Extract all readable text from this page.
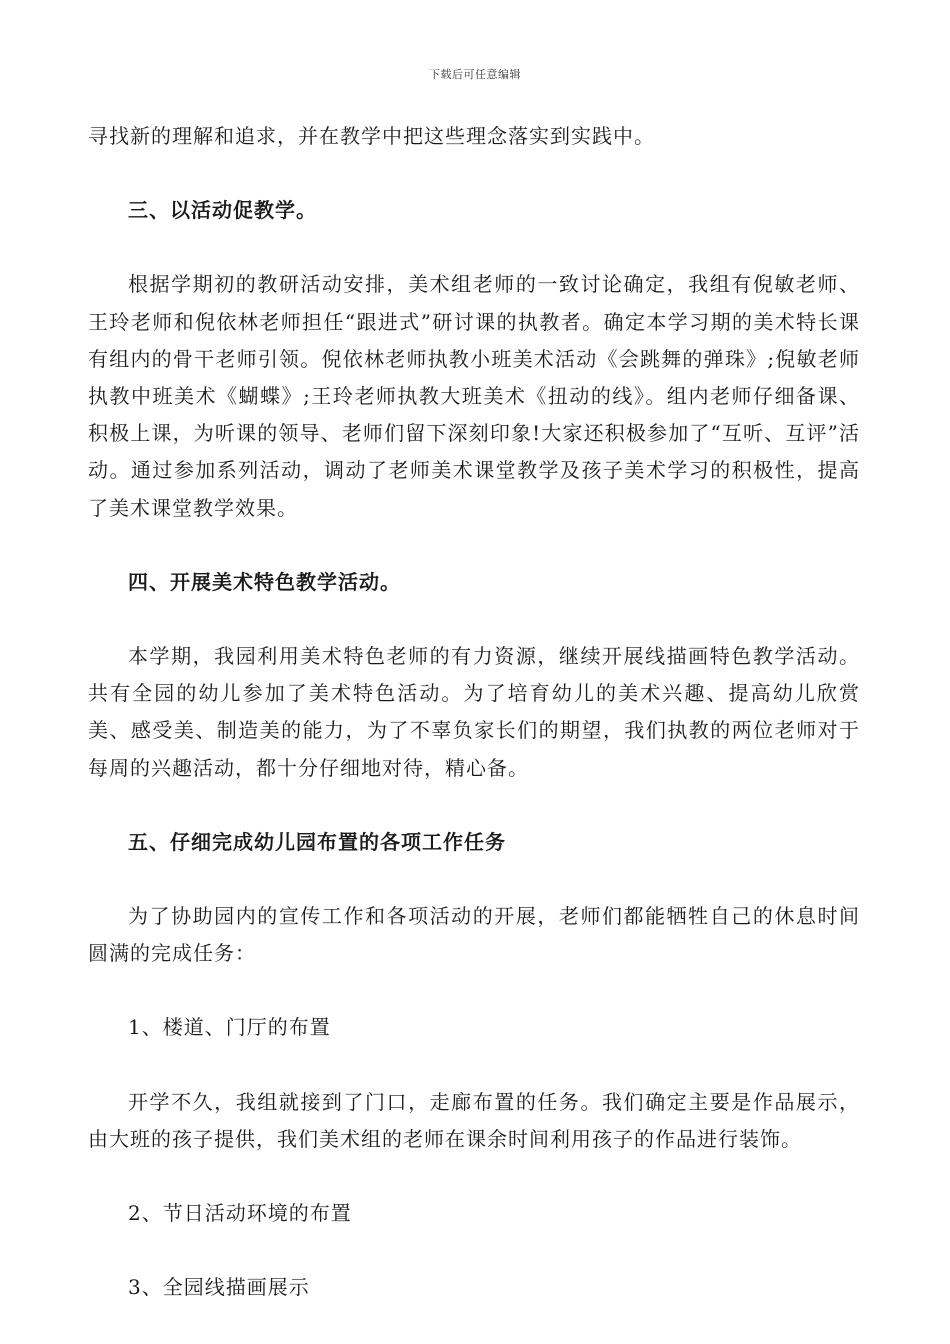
下载后可任意编辑

寻找新的理解和追求，并在教学中把这些理念落实到实践中。

三、以活动促教学。

根据学期初的教研活动安排，美术组老师的一致讨论确定，我组有倪敏老师、王玲老师和倪依林老师担任“跟进式”研讨课的执教者。确定本学习期的美术特长课有组内的骨干老师引领。倪依林老师执教小班美术活动《会跳舞的弹珠》;倪敏老师执教中班美术《蝴蝶》;王玲老师执教大班美术《扭动的线》。组内老师仔细备课、积极上课，为听课的领导、老师们留下深刻印象!大家还积极参加了“互听、互评”活动。通过参加系列活动，调动了老师美术课堂教学及孩子美术学习的积极性，提高了美术课堂教学效果。

四、开展美术特色教学活动。

本学期，我园利用美术特色老师的有力资源，继续开展线描画特色教学活动。共有全园的幼儿参加了美术特色活动。为了培育幼儿的美术兴趣、提高幼儿欣赏美、感受美、制造美的能力，为了不辜负家长们的期望，我们执教的两位老师对于每周的兴趣活动，都十分仔细地对待，精心备。

五、仔细完成幼儿园布置的各项工作任务

为了协助园内的宣传工作和各项活动的开展，老师们都能牺牲自己的休息时间圆满的完成任务：

1、楼道、门厅的布置

开学不久，我组就接到了门口，走廊布置的任务。我们确定主要是作品展示，由大班的孩子提供，我们美术组的老师在课余时间利用孩子的作品进行装饰。

2、节日活动环境的布置

3、全园线描画展示
